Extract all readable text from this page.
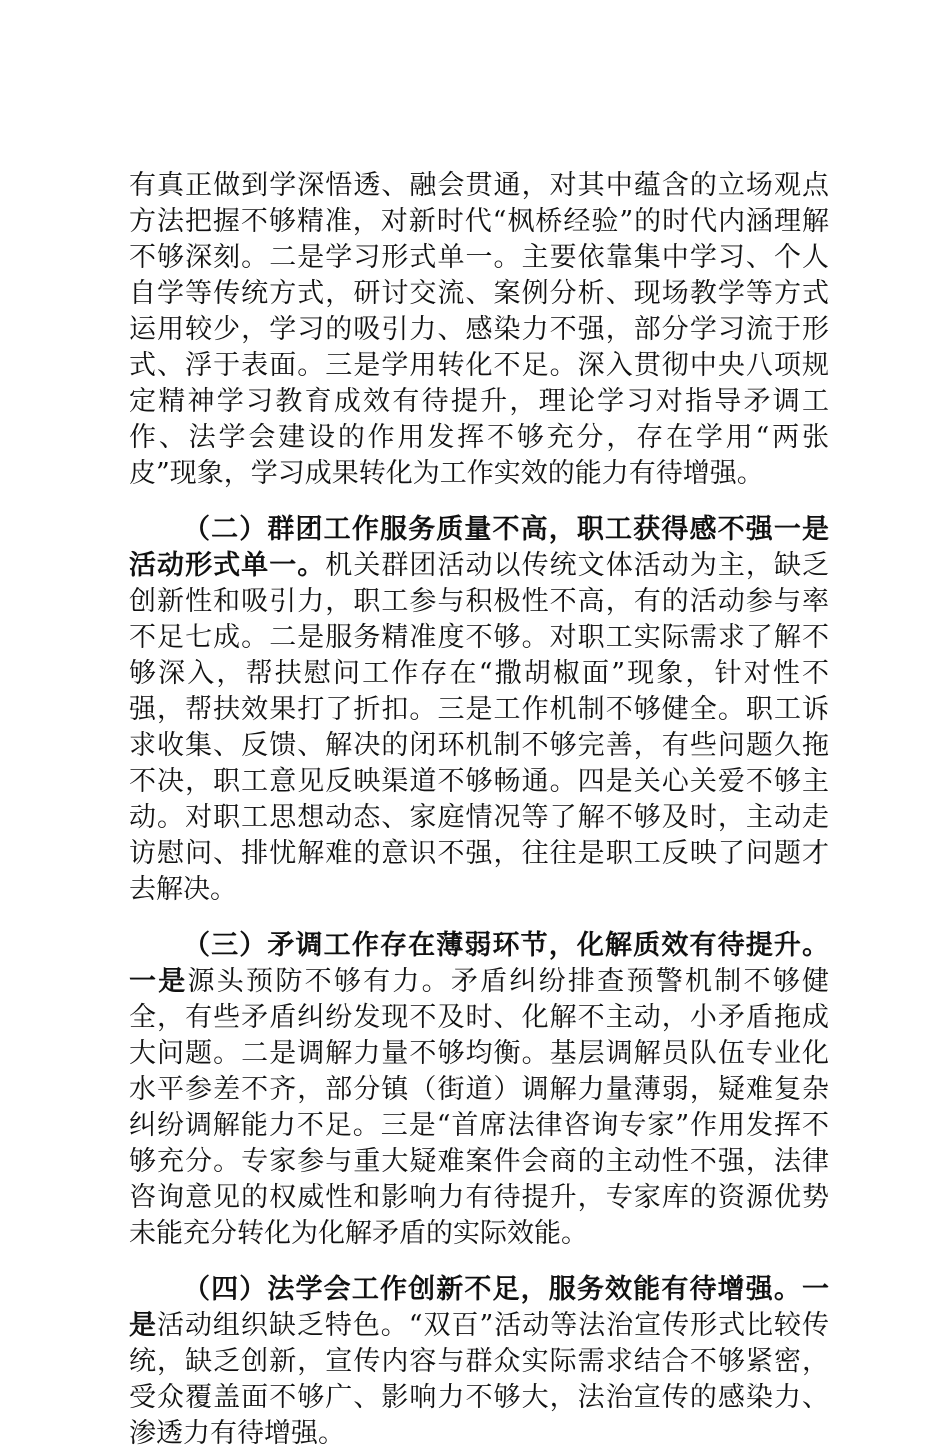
有真正做到学深悟透、融会贯通，对其中蕴含的立场观点方法把握不够精准，对新时代“枫桥经验”的时代内涵理解不够深刻。二是学习形式单一。主要依靠集中学习、个人自学等传统方式，研讨交流、案例分析、现场教学等方式运用较少，学习的吸引力、感染力不强，部分学习流于形式、浮于表面。三是学用转化不足。深入贯彻中央八项规定精神学习教育成效有待提升，理论学习对指导矛调工作、法学会建设的作用发挥不够充分，存在学用“两张皮”现象，学习成果转化为工作实效的能力有待增强。

（二）群团工作服务质量不高，职工获得感不强一是活动形式单一。机关群团活动以传统文体活动为主，缺乏创新性和吸引力，职工参与积极性不高，有的活动参与率不足七成。二是服务精准度不够。对职工实际需求了解不够深入，帮扶慰问工作存在“撒胡椒面”现象，针对性不强，帮扶效果打了折扣。三是工作机制不够健全。职工诉求收集、反馈、解决的闭环机制不够完善，有些问题久拖不决，职工意见反映渠道不够畅通。四是关心关爱不够主动。对职工思想动态、家庭情况等了解不够及时，主动走访慰问、排忧解难的意识不强，往往是职工反映了问题才去解决。

（三）矛调工作存在薄弱环节，化解质效有待提升。一是源头预防不够有力。矛盾纠纷排查预警机制不够健全，有些矛盾纠纷发现不及时、化解不主动，小矛盾拖成大问题。二是调解力量不够均衡。基层调解员队伍专业化水平参差不齐，部分镇（街道）调解力量薄弱，疑难复杂纠纷调解能力不足。三是“首席法律咨询专家”作用发挥不够充分。专家参与重大疑难案件会商的主动性不强，法律咨询意见的权威性和影响力有待提升，专家库的资源优势未能充分转化为化解矛盾的实际效能。

（四）法学会工作创新不足，服务效能有待增强。一是活动组织缺乏特色。“双百”活动等法治宣传形式比较传统，缺乏创新，宣传内容与群众实际需求结合不够紧密，受众覆盖面不够广、影响力不够大，法治宣传的感染力、渗透力有待增强。
